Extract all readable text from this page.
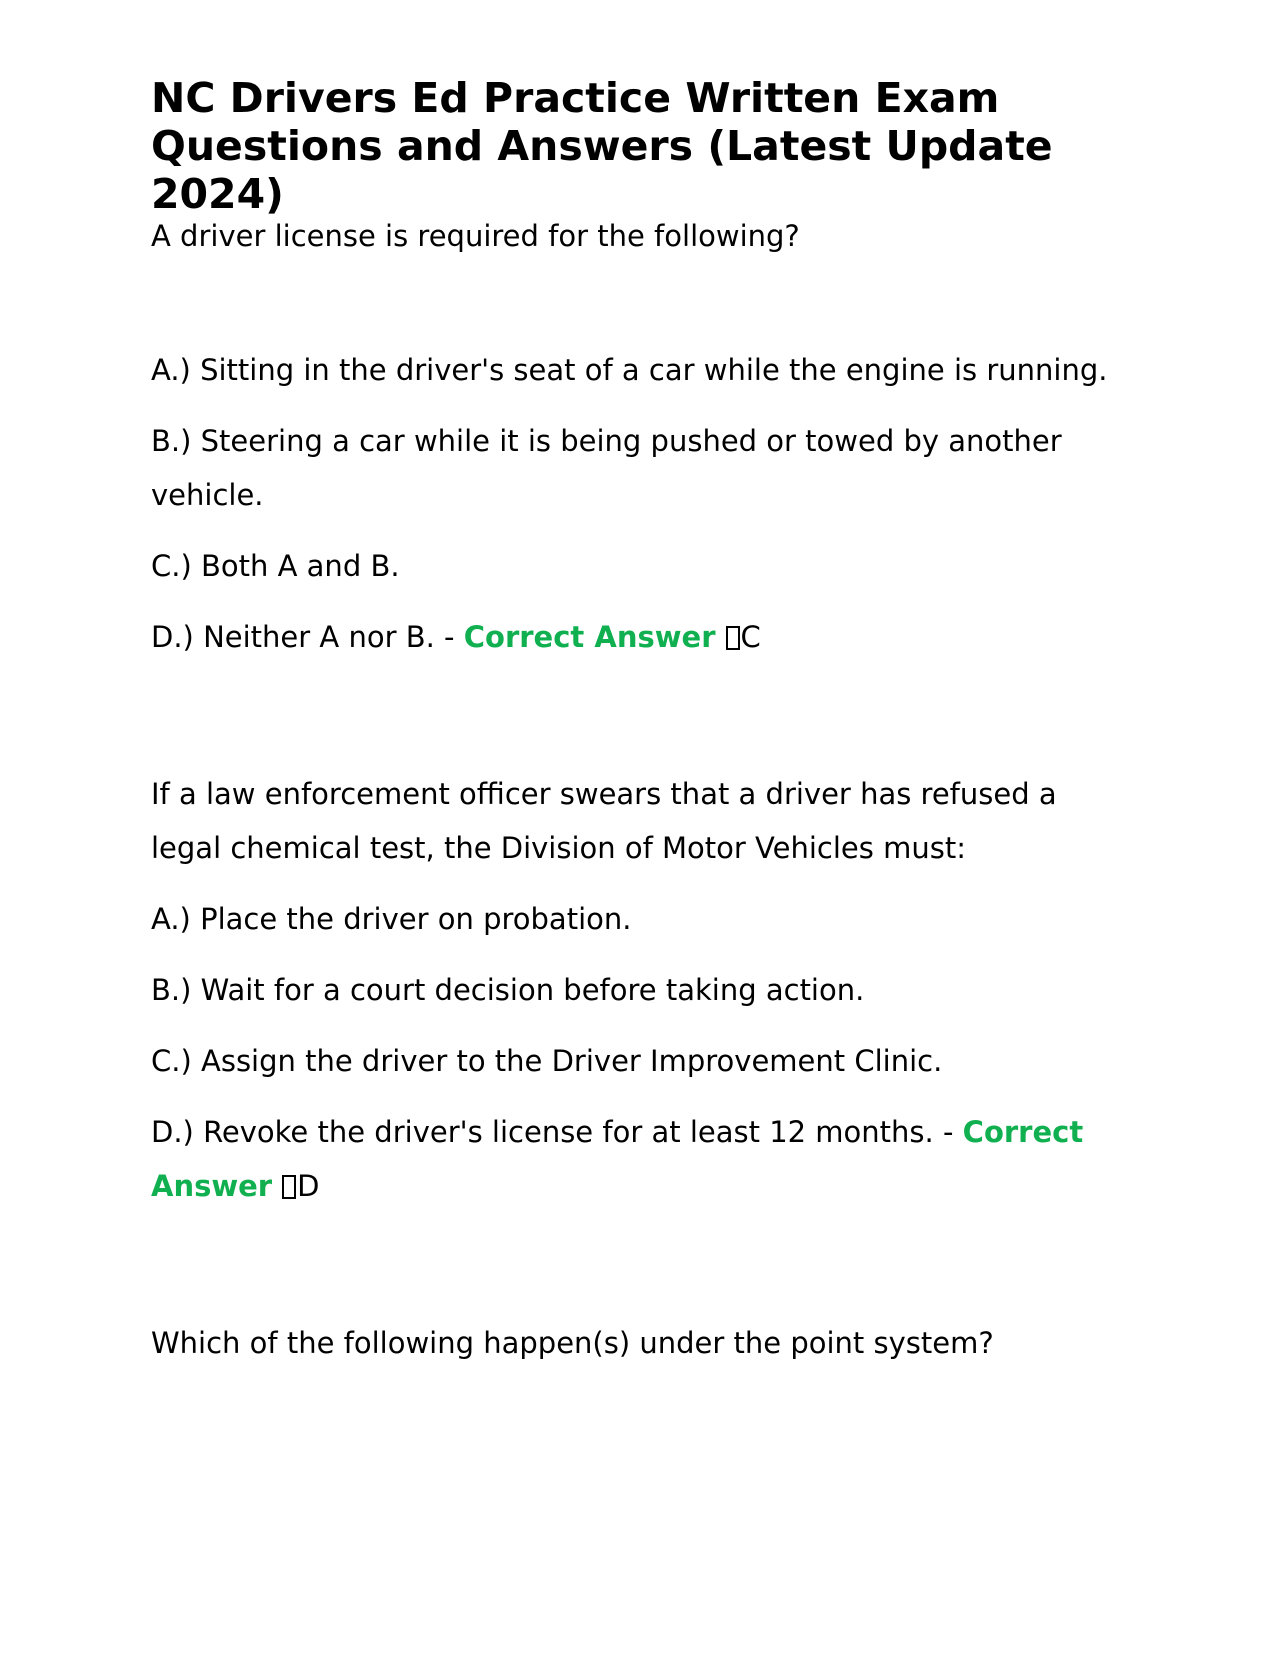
NC Drivers Ed Practice Written Exam Questions and Answers (Latest Update 2024)

A driver license is required for the following?

A.) Sitting in the driver's seat of a car while the engine is running.

B.) Steering a car while it is being pushed or towed by another vehicle.

C.) Both A and B.

D.) Neither A nor B. - Correct Answer C

If a law enforcement officer swears that a driver has refused a legal chemical test, the Division of Motor Vehicles must:

A.) Place the driver on probation.

B.) Wait for a court decision before taking action.

C.) Assign the driver to the Driver Improvement Clinic.

D.) Revoke the driver's license for at least 12 months. - Correct Answer D

Which of the following happen(s) under the point system?
